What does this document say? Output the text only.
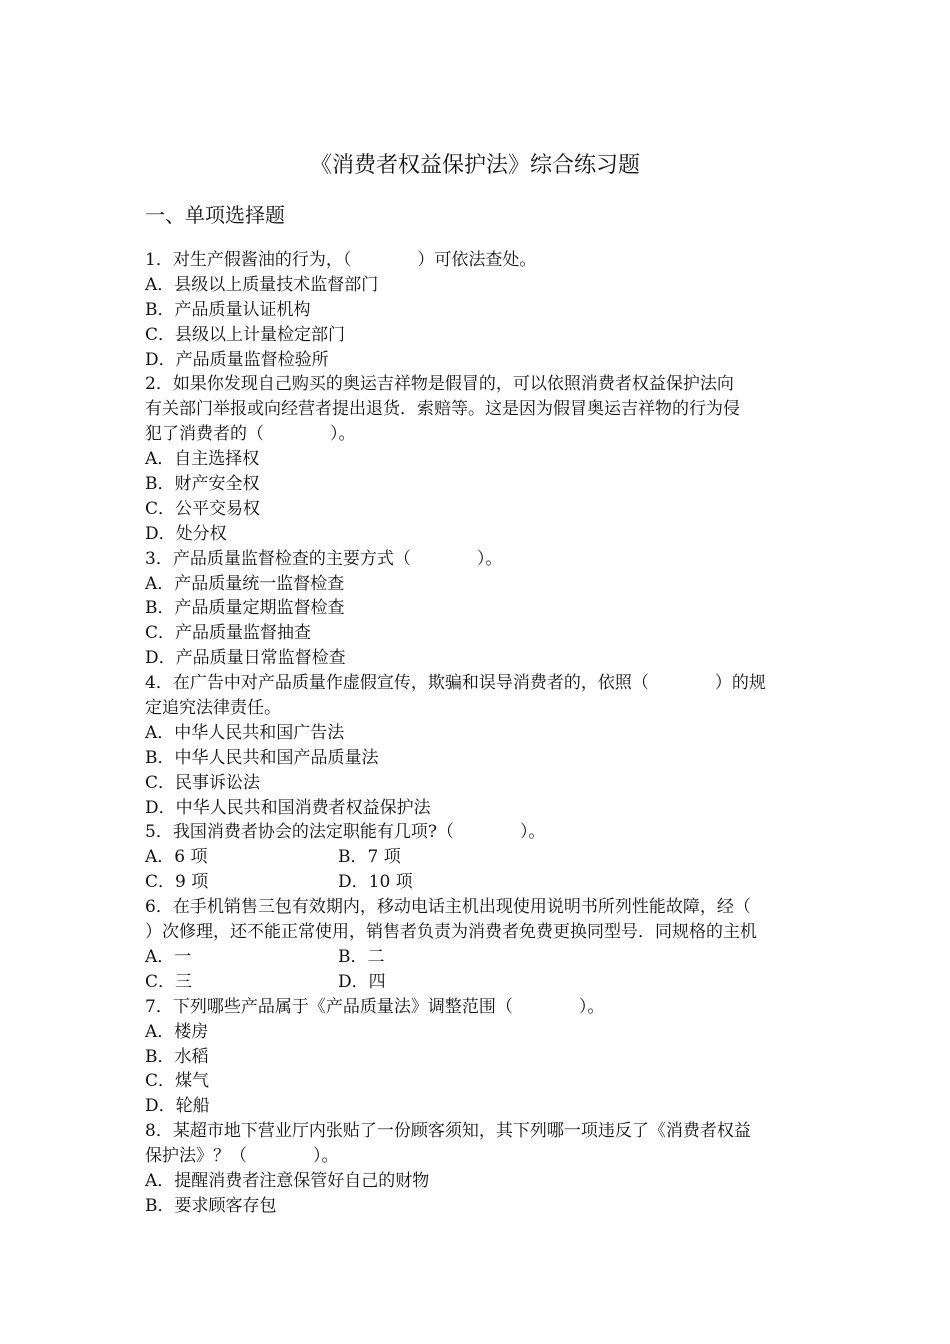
《消费者权益保护法》综合练习题
一、单项选择题
1．对生产假酱油的行为，（	）可依法查处。
A．县级以上质量技术监督部门
B．产品质量认证机构
C．县级以上计量检定部门
D．产品质量监督检验所
2．如果你发现自己购买的奥运吉祥物是假冒的，可以依照消费者权益保护法向
有关部门举报或向经营者提出退货．索赔等。这是因为假冒奥运吉祥物的行为侵
犯了消费者的（	）。
A．自主选择权
B．财产安全权
C．公平交易权
D．处分权
3．产品质量监督检查的主要方式（	）。
A．产品质量统一监督检查
B．产品质量定期监督检查
C．产品质量监督抽查
D．产品质量日常监督检查
4．在广告中对产品质量作虚假宣传，欺骗和误导消费者的，依照（	）的规
定追究法律责任。
A．中华人民共和国广告法
B．中华人民共和国产品质量法
C．民事诉讼法
D．中华人民共和国消费者权益保护法
5．我国消费者协会的法定职能有几项?（	）。
A．6 项	B．7 项
C．9 项	D．10 项
6．在手机销售三包有效期内，移动电话主机出现使用说明书所列性能故障，经（
）次修理，还不能正常使用，销售者负责为消费者免费更换同型号．同规格的主机
A．一	B．二
C．三	D．四
7．下列哪些产品属于《产品质量法》调整范围（	）。
A．楼房
B．水稻
C．煤气
D．轮船
8．某超市地下营业厅内张贴了一份顾客须知，其下列哪一项违反了《消费者权益
保护法》？（	）。
A．提醒消费者注意保管好自己的财物
B．要求顾客存包
